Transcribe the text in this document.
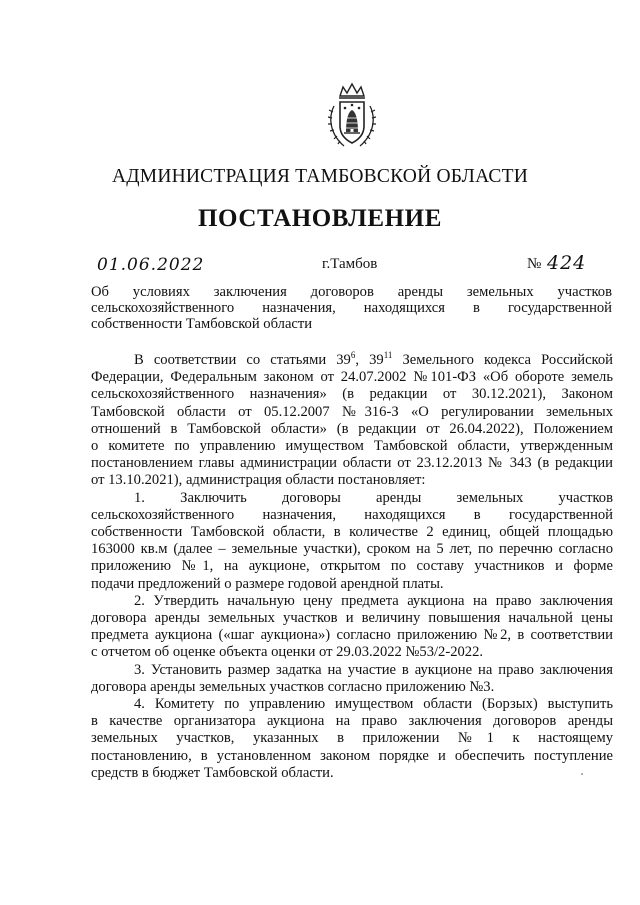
АДМИНИСТРАЦИЯ ТАМБОВСКОЙ ОБЛАСТИ
ПОСТАНОВЛЕНИЕ
01.06.2022	г.Тамбов	№ 424
Об условиях заключения договоров аренды земельных участков
сельскохозяйственного назначения, находящихся в государственной
собственности Тамбовской области
В соответствии со статьями $39^6$, $39^{11}$ Земельного кодекса Российской
Федерации, Федеральным законом от 24.07.2002 №101-ФЗ «Об обороте земель
сельскохозяйственного назначения» (в редакции от 30.12.2021), Законом
Тамбовской области от 05.12.2007 №316-З «О регулировании земельных
отношений в Тамбовской области» (в редакции от 26.04.2022), Положением
о комитете по управлению имуществом Тамбовской области, утвержденным
постановлением главы администрации области от 23.12.2013 № 343 (в редакции
от 13.10.2021), администрация области постановляет:
1. Заключить договоры аренды земельных участков
сельскохозяйственного назначения, находящихся в государственной
собственности Тамбовской области, в количестве 2 единиц, общей площадью
163000 кв.м (далее – земельные участки), сроком на 5 лет, по перечню согласно
приложению №1, на аукционе, открытом по составу участников и форме
подачи предложений о размере годовой арендной платы.
2. Утвердить начальную цену предмета аукциона на право заключения
договора аренды земельных участков и величину повышения начальной цены
предмета аукциона («шаг аукциона») согласно приложению №2, в соответствии
с отчетом об оценке объекта оценки от 29.03.2022 №53/2-2022.
3. Установить размер задатка на участие в аукционе на право заключения
договора аренды земельных участков согласно приложению №3.
4. Комитету по управлению имуществом области (Борзых) выступить
в качестве организатора аукциона на право заключения договоров аренды
земельных участков, указанных в приложении №1 к настоящему
постановлению, в установленном законом порядке и обеспечить поступление
средств в бюджет Тамбовской области.
